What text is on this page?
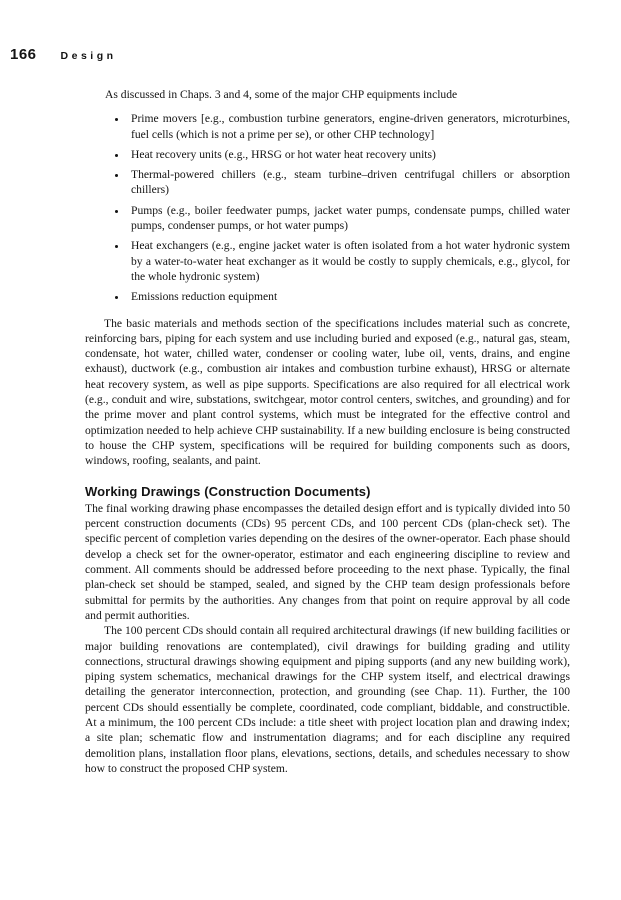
166 Design

As discussed in Chaps. 3 and 4, some of the major CHP equipments include

• Prime movers [e.g., combustion turbine generators, engine-driven generators, microturbines, fuel cells (which is not a prime per se), or other CHP technology]
• Heat recovery units (e.g., HRSG or hot water heat recovery units)
• Thermal-powered chillers (e.g., steam turbine–driven centrifugal chillers or absorption chillers)
• Pumps (e.g., boiler feedwater pumps, jacket water pumps, condensate pumps, chilled water pumps, condenser pumps, or hot water pumps)
• Heat exchangers (e.g., engine jacket water is often isolated from a hot water hydronic system by a water-to-water heat exchanger as it would be costly to supply chemicals, e.g., glycol, for the whole hydronic system)
• Emissions reduction equipment

The basic materials and methods section of the specifications includes material such as concrete, reinforcing bars, piping for each system and use including buried and exposed (e.g., natural gas, steam, condensate, hot water, chilled water, condenser or cooling water, lube oil, vents, drains, and engine exhaust), ductwork (e.g., combustion air intakes and combustion turbine exhaust), HRSG or alternate heat recovery system, as well as pipe supports. Specifications are also required for all electrical work (e.g., conduit and wire, substations, switchgear, motor control centers, switches, and grounding) and for the prime mover and plant control systems, which must be integrated for the effective control and optimization needed to help achieve CHP sustainability. If a new building enclosure is being constructed to house the CHP system, specifications will be required for building components such as doors, windows, roofing, sealants, and paint.

Working Drawings (Construction Documents)

The final working drawing phase encompasses the detailed design effort and is typically divided into 50 percent construction documents (CDs) 95 percent CDs, and 100 percent CDs (plan-check set). The specific percent of completion varies depending on the desires of the owner-operator. Each phase should develop a check set for the owner-operator, estimator and each engineering discipline to review and comment. All comments should be addressed before proceeding to the next phase. Typically, the final plan-check set should be stamped, sealed, and signed by the CHP team design professionals before submittal for permits by the authorities. Any changes from that point on require approval by all code and permit authorities.

The 100 percent CDs should contain all required architectural drawings (if new building facilities or major building renovations are contemplated), civil drawings for building grading and utility connections, structural drawings showing equipment and piping supports (and any new building work), piping system schematics, mechanical drawings for the CHP system itself, and electrical drawings detailing the generator interconnection, protection, and grounding (see Chap. 11). Further, the 100 percent CDs should essentially be complete, coordinated, code compliant, biddable, and constructible. At a minimum, the 100 percent CDs include: a title sheet with project location plan and drawing index; a site plan; schematic flow and instrumentation diagrams; and for each discipline any required demolition plans, installation floor plans, elevations, sections, details, and schedules necessary to show how to construct the proposed CHP system.
